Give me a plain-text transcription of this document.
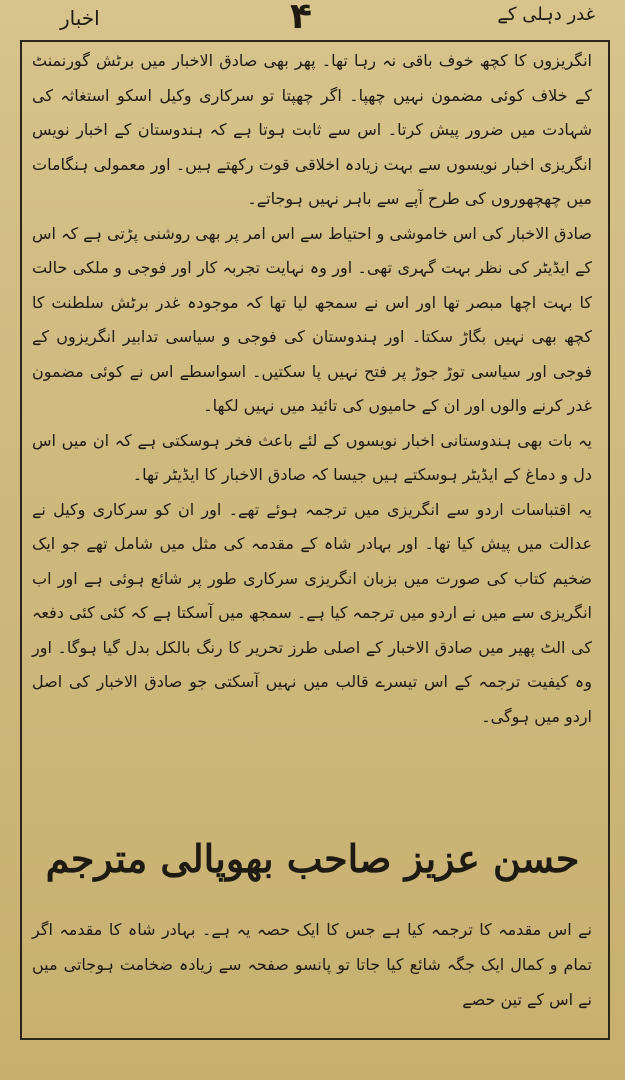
غدر دہلی کے
۴
اخبار

انگریزوں کا کچھ خوف باقی نہ رہا تھا۔ پھر بھی صادق الاخبار میں برٹش گورنمنٹ کے خلاف کوئی مضمون نہیں چھپا۔ اگر چھپتا تو سرکاری وکیل اسکو استغاثہ کی شہادت میں ضرور پیش کرتا۔ اس سے ثابت ہوتا ہے کہ ہندوستان کے اخبار نویس انگریزی اخبار نویسوں سے بہت زیادہ اخلاقی قوت رکھتے ہیں۔ اور معمولی ہنگامات میں چھچھوروں کی طرح آپے سے باہر نہیں ہوجاتے۔

صادق الاخبار کی اس خاموشی و احتیاط سے اس امر پر بھی روشنی پڑتی ہے کہ اس کے ایڈیٹر کی نظر بہت گہری تھی۔ اور وہ نہایت تجربہ کار اور فوجی و ملکی حالت کا بہت اچھا مبصر تھا اور اس نے سمجھ لیا تھا کہ موجودہ غدر برٹش سلطنت کا کچھ بھی نہیں بگاڑ سکتا۔ اور ہندوستان کی فوجی و سیاسی تدابیر انگریزوں کے فوجی اور سیاسی توڑ جوڑ پر فتح نہیں پا سکتیں۔ اسواسطے اس نے کوئی مضمون غدر کرنے والوں اور ان کے حامیوں کی تائید میں نہیں لکھا۔

یہ بات بھی ہندوستانی اخبار نویسوں کے لئے باعث فخر ہوسکتی ہے کہ ان میں اس دل و دماغ کے ایڈیٹر ہوسکتے ہیں جیسا کہ صادق الاخبار کا ایڈیٹر تھا۔

یہ اقتباسات اردو سے انگریزی میں ترجمہ ہوئے تھے۔ اور ان کو سرکاری وکیل نے عدالت میں پیش کیا تھا۔ اور بہادر شاہ کے مقدمہ کی مثل میں شامل تھے جو ایک ضخیم کتاب کی صورت میں بزبان انگریزی سرکاری طور پر شائع ہوئی ہے اور اب انگریزی سے میں نے اردو میں ترجمہ کیا ہے۔ سمجھ میں آسکتا ہے کہ کئی کئی دفعہ کی الٹ پھیر میں صادق الاخبار کے اصلی طرز تحریر کا رنگ بالکل بدل گیا ہوگا۔ اور وہ کیفیت ترجمہ کے اس تیسرے قالب میں نہیں آسکتی جو صادق الاخبار کی اصل اردو میں ہوگی۔

حسن عزیز صاحب بھوپالی مترجم
نے اس مقدمہ کا ترجمہ کیا ہے جس کا ایک حصہ یہ ہے۔ بہادر شاہ کا مقدمہ اگر تمام و کمال ایک جگہ شائع کیا جاتا تو پانسو صفحہ سے زیادہ ضخامت ہوجاتی میں نے اس کے تین حصے
